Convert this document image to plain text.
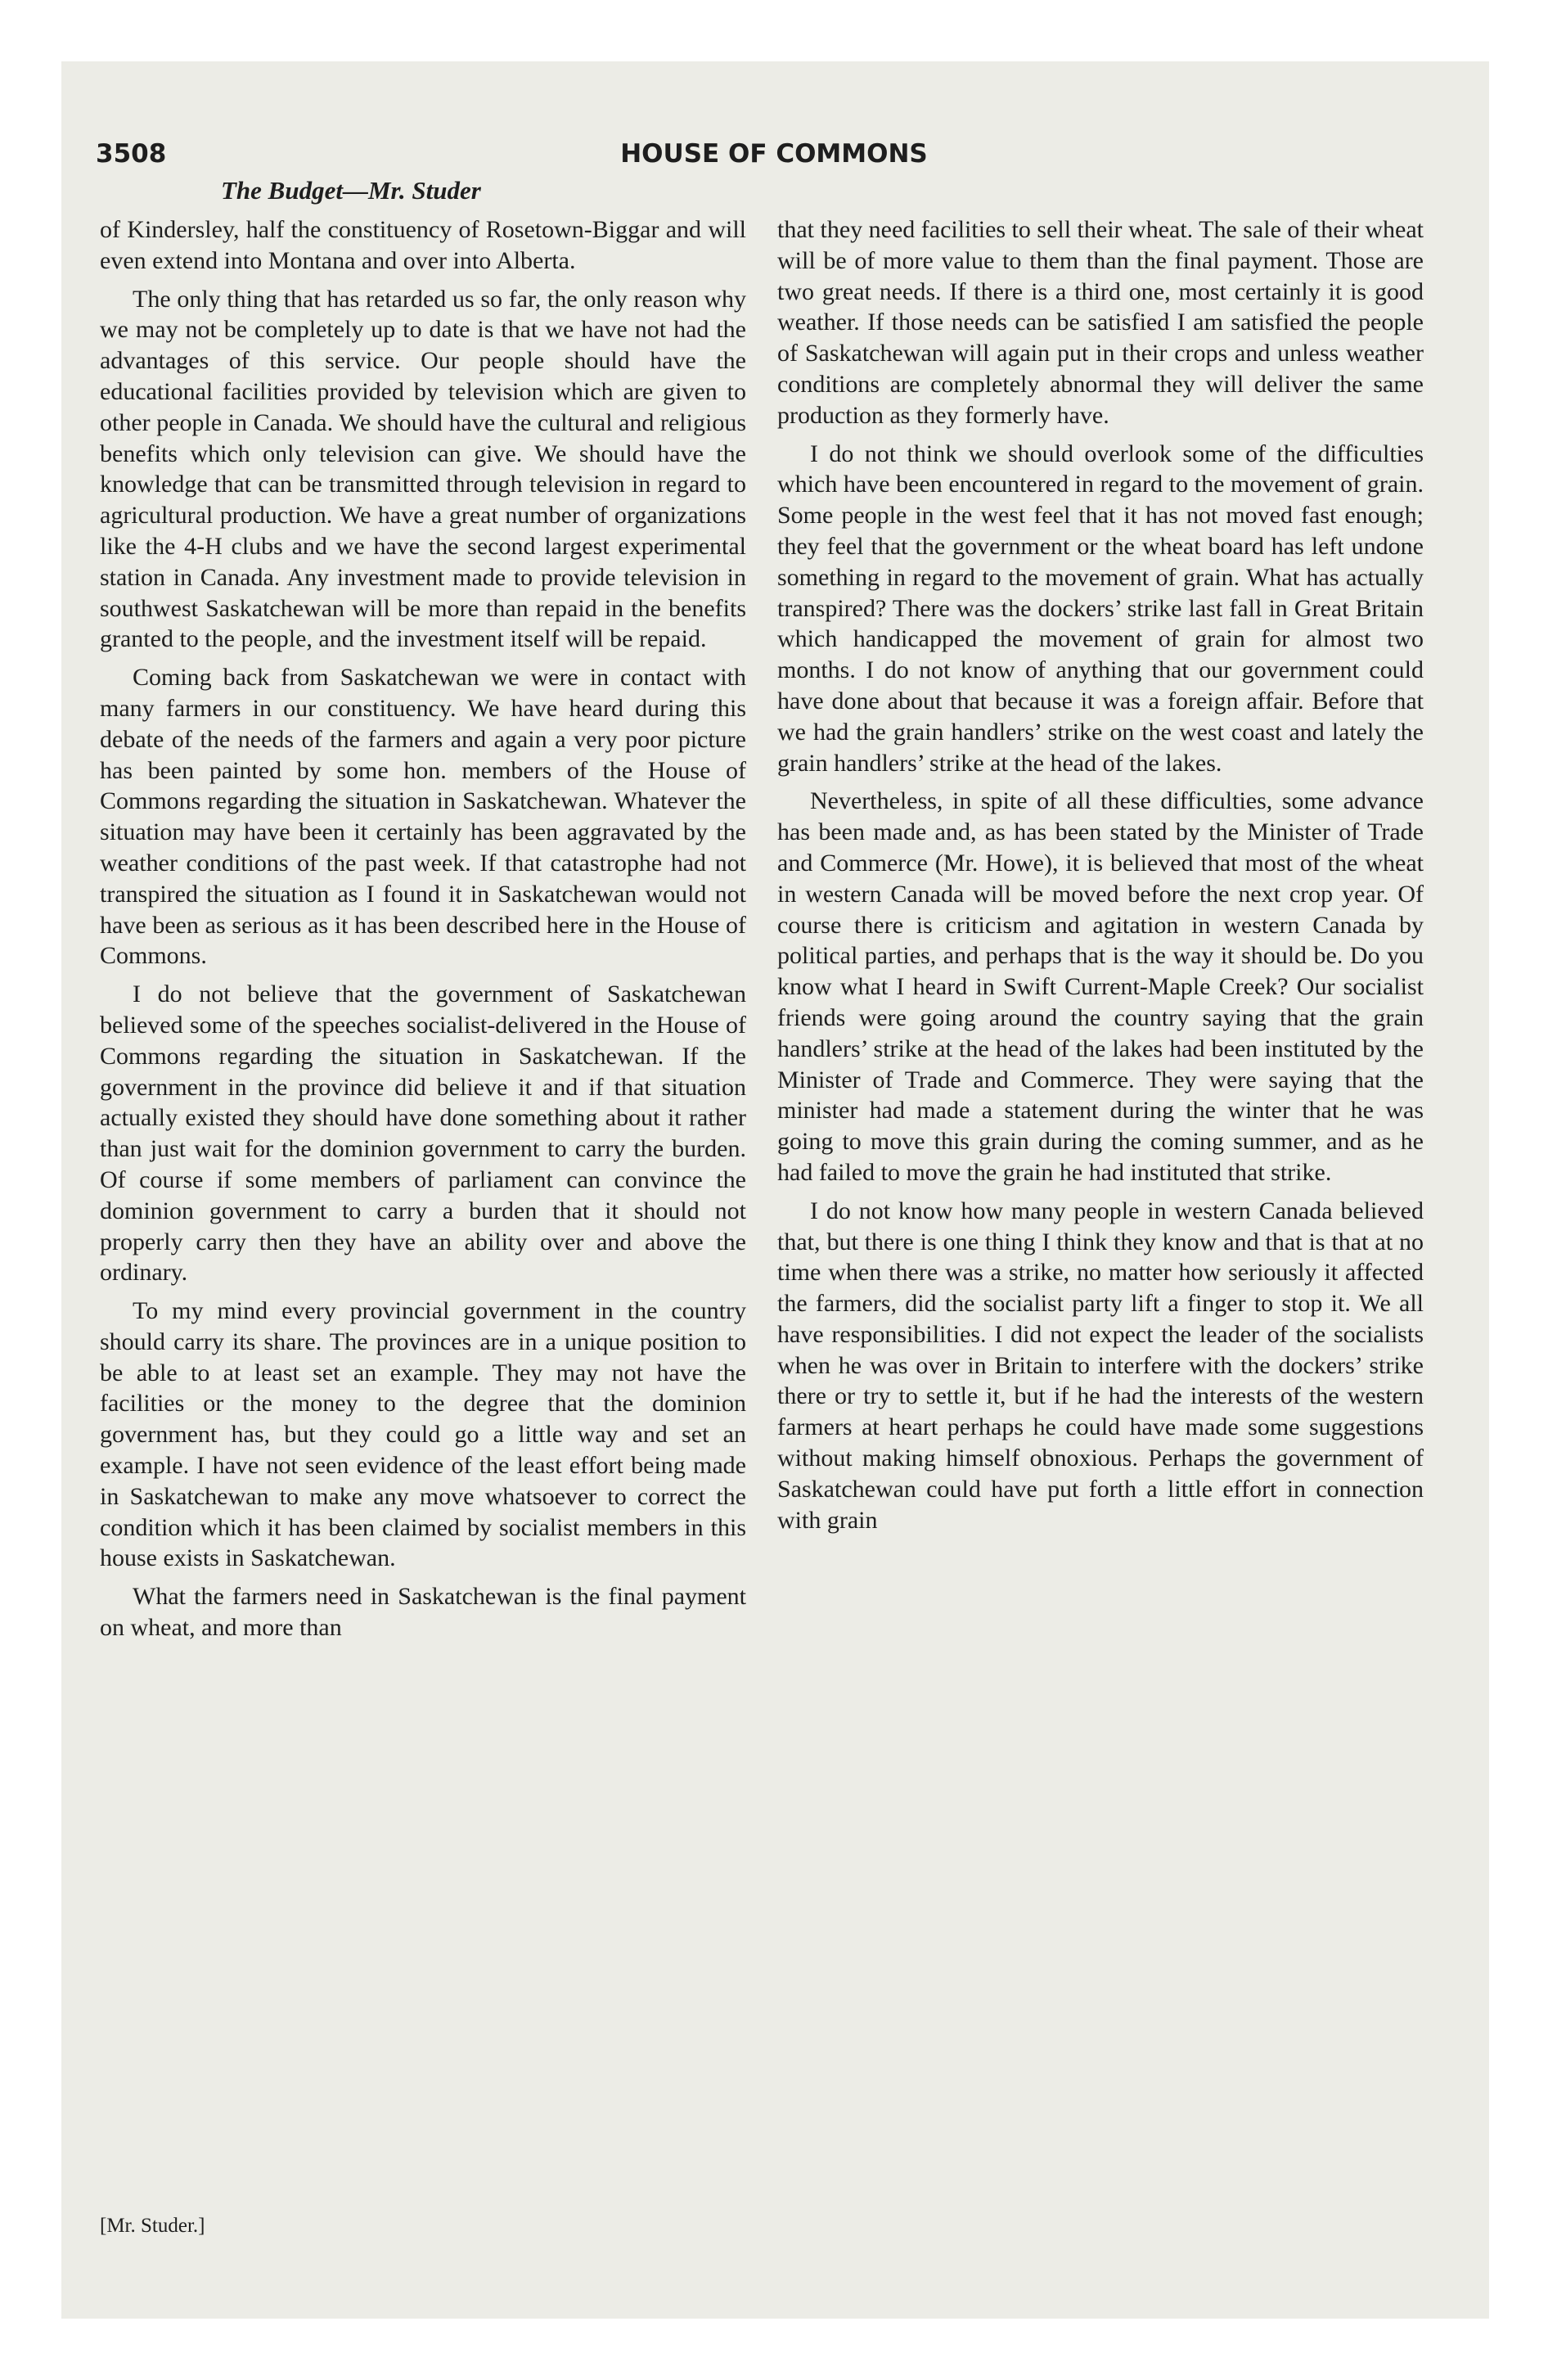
3508	HOUSE OF COMMONS
The Budget—Mr. Studer

of Kindersley, half the constituency of Rosetown-Biggar and will even extend into Montana and over into Alberta.

The only thing that has retarded us so far, the only reason why we may not be completely up to date is that we have not had the advantages of this service. Our people should have the educational facilities provided by television which are given to other people in Canada. We should have the cultural and religious benefits which only television can give. We should have the knowledge that can be transmitted through television in regard to agricultural production. We have a great number of organizations like the 4-H clubs and we have the second largest experimental station in Canada. Any investment made to provide television in southwest Saskatchewan will be more than repaid in the benefits granted to the people, and the investment itself will be repaid.

Coming back from Saskatchewan we were in contact with many farmers in our constituency. We have heard during this debate of the needs of the farmers and again a very poor picture has been painted by some hon. members of the House of Commons regarding the situation in Saskatchewan. Whatever the situation may have been it certainly has been aggravated by the weather conditions of the past week. If that catastrophe had not transpired the situation as I found it in Saskatchewan would not have been as serious as it has been described here in the House of Commons.

I do not believe that the government of Saskatchewan believed some of the speeches socialist-delivered in the House of Commons regarding the situation in Saskatchewan. If the government in the province did believe it and if that situation actually existed they should have done something about it rather than just wait for the dominion government to carry the burden. Of course if some members of parliament can convince the dominion government to carry a burden that it should not properly carry then they have an ability over and above the ordinary.

To my mind every provincial government in the country should carry its share. The provinces are in a unique position to be able to at least set an example. They may not have the facilities or the money to the degree that the dominion government has, but they could go a little way and set an example. I have not seen evidence of the least effort being made in Saskatchewan to make any move whatsoever to correct the condition which it has been claimed by socialist members in this house exists in Saskatchewan.

What the farmers need in Saskatchewan is the final payment on wheat, and more than

that they need facilities to sell their wheat. The sale of their wheat will be of more value to them than the final payment. Those are two great needs. If there is a third one, most certainly it is good weather. If those needs can be satisfied I am satisfied the people of Saskatchewan will again put in their crops and unless weather conditions are completely abnormal they will deliver the same production as they formerly have.

I do not think we should overlook some of the difficulties which have been encountered in regard to the movement of grain. Some people in the west feel that it has not moved fast enough; they feel that the government or the wheat board has left undone something in regard to the movement of grain. What has actually transpired? There was the dockers’ strike last fall in Great Britain which handicapped the movement of grain for almost two months. I do not know of anything that our government could have done about that because it was a foreign affair. Before that we had the grain handlers’ strike on the west coast and lately the grain handlers’ strike at the head of the lakes.

Nevertheless, in spite of all these difficulties, some advance has been made and, as has been stated by the Minister of Trade and Commerce (Mr. Howe), it is believed that most of the wheat in western Canada will be moved before the next crop year. Of course there is criticism and agitation in western Canada by political parties, and perhaps that is the way it should be. Do you know what I heard in Swift Current-Maple Creek? Our socialist friends were going around the country saying that the grain handlers’ strike at the head of the lakes had been instituted by the Minister of Trade and Commerce. They were saying that the minister had made a statement during the winter that he was going to move this grain during the coming summer, and as he had failed to move the grain he had instituted that strike.

I do not know how many people in western Canada believed that, but there is one thing I think they know and that is that at no time when there was a strike, no matter how seriously it affected the farmers, did the socialist party lift a finger to stop it. We all have responsibilities. I did not expect the leader of the socialists when he was over in Britain to interfere with the dockers’ strike there or try to settle it, but if he had the interests of the western farmers at heart perhaps he could have made some suggestions without making himself obnoxious. Perhaps the government of Saskatchewan could have put forth a little effort in connection with grain

[Mr. Studer.]
